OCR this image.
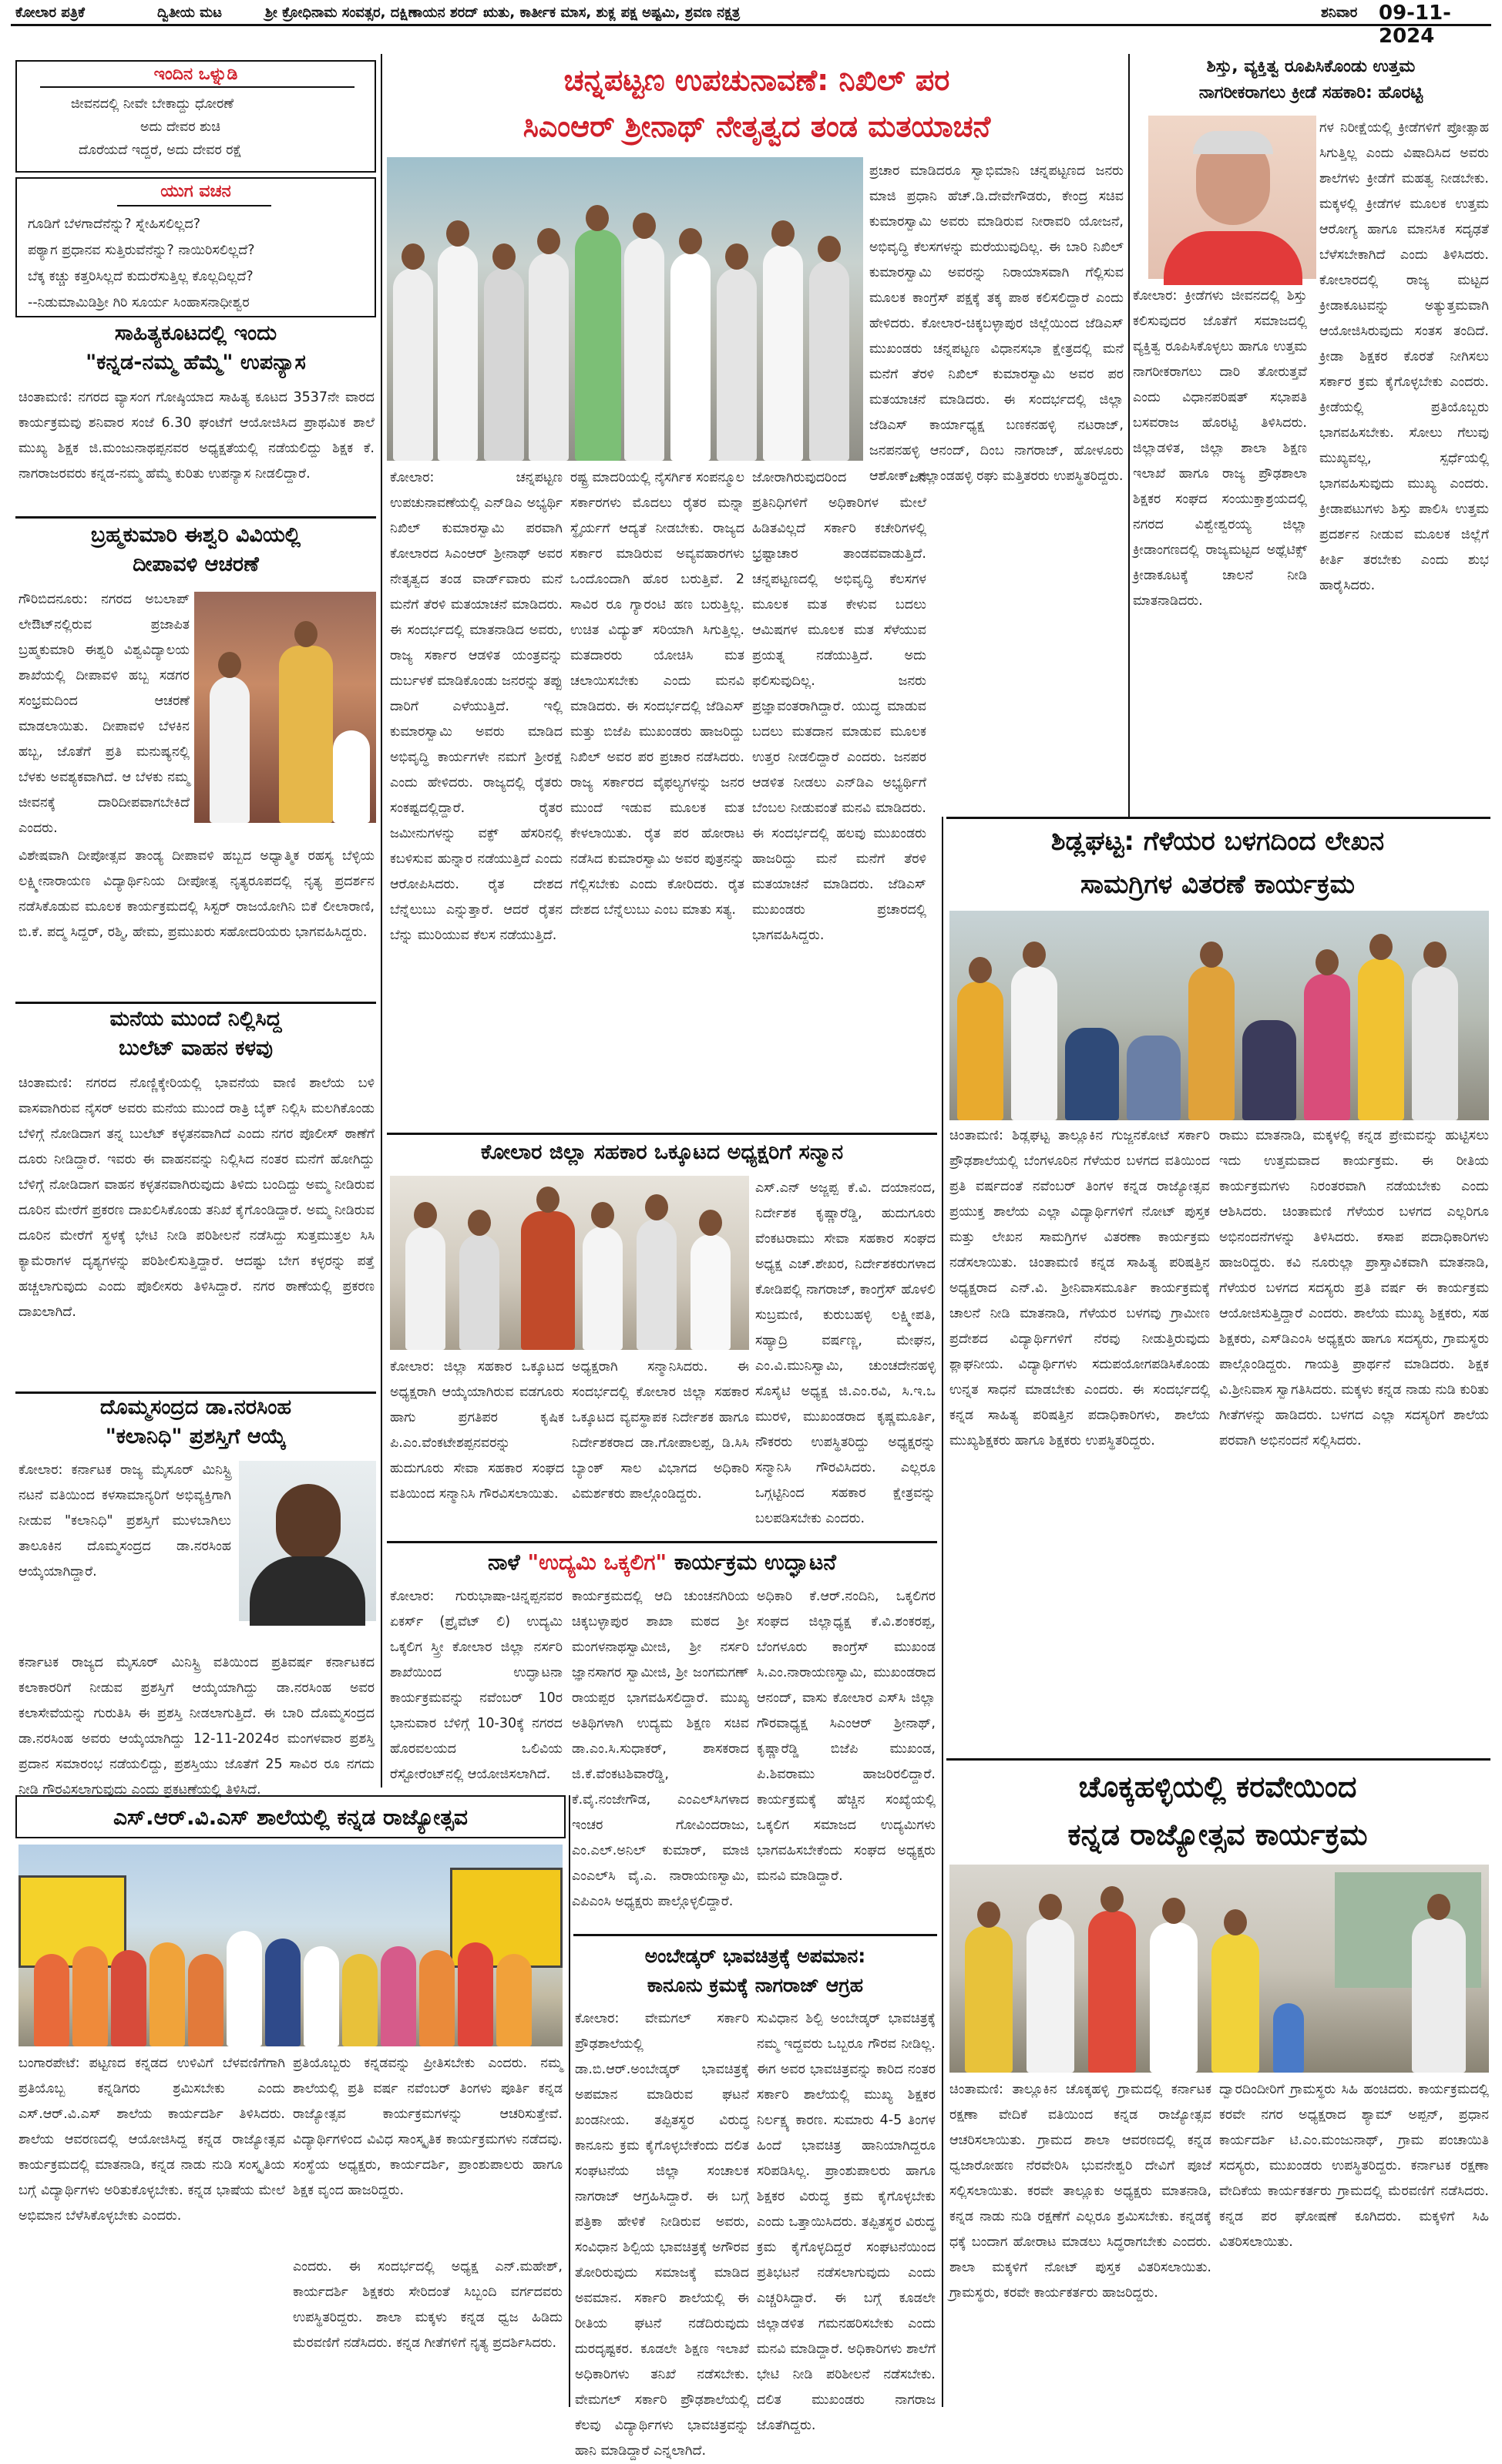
ಕೋಲಾರ ಪತ್ರಿಕೆ	ದ್ವಿತೀಯ ಮಟ	ಶ್ರೀ ಕ್ರೋಧಿನಾಮ ಸಂವತ್ಸರ, ದಕ್ಷಿಣಾಯನ ಶರದ್ ಋತು, ಕಾರ್ತೀಕ ಮಾಸ, ಶುಕ್ಲ ಪಕ್ಷ ಅಷ್ಟಮಿ, ಶ್ರವಣ ನಕ್ಷತ್ರ	ಶನಿವಾರ 09-11-2024
ಇಂದಿನ ಒಳ್ನುಡಿ
ಜೀವನದಲ್ಲಿ ನೀವೇ ಬೇಕಾದ್ದು ಧೋರಣೆ
ಅದು ದೇವರ ಶುಚಿ
ದೊರೆಯದೆ ಇದ್ದರೆ, ಅದು ದೇವರ ರಕ್ಷೆ
ಯುಗ ವಚನ
ಗೂಡಿಗೆ ಬೆಳಗಾದೆನೆನ್ನು? ಸ್ನೇಹಿಸಲಿಲ್ಲದ?
ಪಠ್ಯಾಗ ಪ್ರಧಾನವ ಸುತ್ತಿರುವೆನೆನ್ನು? ನಾಯಿರಿಸಲಿಲ್ಲದೆ?
ಬೆಕ್ಕ ಕಚ್ಚು ಕತ್ತರಿಸಿಲ್ಲದೆ ಕುದುರೆಸುತ್ತಿಲ್ಲ ಕೊಲ್ಲದಿಲ್ಲದೆ?
--ನಿಡುಮಾಮಿಡಿಶ್ರೀ ಗಿರಿ ಸೂರ್ಯ ಸಿಂಹಾಸನಾಧೀಶ್ವರ
ಸಾಹಿತ್ಯಕೂಟದಲ್ಲಿ ಇಂದು
"ಕನ್ನಡ-ನಮ್ಮ ಹೆಮ್ಮೆ" ಉಪನ್ಯಾಸ
ಚಿಂತಾಮಣಿ: ನಗರದ ವ್ಯಾಸಂಗ ಗೋಷ್ಠಿಯಾದ ಸಾಹಿತ್ಯ ಕೂಟದ 3537ನೇ ವಾರದ ಕಾರ್ಯಕ್ರಮವು ಶನಿವಾರ ಸಂಜೆ 6.30 ಘಂಟೆಗೆ ಆಯೋಜಿಸಿದ ಪ್ರಾಥಮಿಕ ಶಾಲೆ ಮುಖ್ಯ ಶಿಕ್ಷಕ ಜಿ.ಮಂಜುನಾಥಪ್ಪನವರ ಅಧ್ಯಕ್ಷತೆಯಲ್ಲಿ ನಡೆಯಲಿದ್ದು ಶಿಕ್ಷಕ ಕೆ. ನಾಗರಾಜರವರು ಕನ್ನಡ-ನಮ್ಮ ಹೆಮ್ಮೆ ಕುರಿತು ಉಪನ್ಯಾಸ ನೀಡಲಿದ್ದಾರೆ.
ಬ್ರಹ್ಮಕುಮಾರಿ ಈಶ್ವರಿ ವಿವಿಯಲ್ಲಿ
ದೀಪಾವಳಿ ಆಚರಣೆ
ಗೌರಿಬಿದನೂರು: ನಗರದ ಅಬಲಾಪ್ ಲೇಔಟ್‌ನಲ್ಲಿರುವ ಪ್ರಜಾಪಿತ ಬ್ರಹ್ಮಕುಮಾರಿ ಈಶ್ವರಿ ವಿಶ್ವವಿದ್ಯಾಲಯ ಶಾಖೆಯಲ್ಲಿ ದೀಪಾವಳಿ ಹಬ್ಬ ಸಡಗರ ಸಂಭ್ರಮದಿಂದ ಆಚರಣೆ ಮಾಡಲಾಯಿತು. ದೀಪಾವಳಿ ಬೆಳಕಿನ ಹಬ್ಬ, ಜೊತೆಗೆ ಪ್ರತಿ ಮನುಷ್ಯನಲ್ಲಿ ಬೆಳಕು ಅವಶ್ಯಕವಾಗಿದೆ. ಆ ಬೆಳಕು ನಮ್ಮ ಜೀವನಕ್ಕೆ ದಾರಿದೀಪವಾಗಬೇಕಿದೆ ಎಂದರು.
ವಿಶೇಷವಾಗಿ ದೀಪೋತ್ಸವ ತಾಂಡ್ಯ ದೀಪಾವಳಿ ಹಬ್ಬದ ಅಧ್ಯಾತ್ಮಿಕ ರಹಸ್ಯ ಬೆಳ್ಳಿಯ ಲಕ್ಷ್ಮೀನಾರಾಯಣ ವಿದ್ಯಾರ್ಥಿನಿಯ ದೀಪೋತ್ಸ ನೃತ್ಯರೂಪದಲ್ಲಿ ನೃತ್ಯ ಪ್ರದರ್ಶನ ನಡೆಸಿಕೊಡುವ ಮೂಲಕ ಕಾರ್ಯಕ್ರಮದಲ್ಲಿ ಸಿಸ್ಟರ್ ರಾಜಯೋಗಿನಿ ಬಿಕೆ ಲೀಲಾರಾಣಿ, ಬಿ.ಕೆ. ಪದ್ಮ ಸಿದ್ದರ್, ರಶ್ಮಿ, ಹೇಮ, ಪ್ರಮುಖರು ಸಹೋದರಿಯರು ಭಾಗವಹಿಸಿದ್ದರು.
ಮನೆಯ ಮುಂದೆ ನಿಲ್ಲಿಸಿದ್ದ
ಬುಲೆಟ್ ವಾಹನ ಕಳವು
ಚಿಂತಾಮಣಿ: ನಗರದ ನೊಣ್ಣಿಕ್ಕೇರಿಯಲ್ಲಿ ಭಾವನೆಯ ವಾಣಿ ಶಾಲೆಯ ಬಳಿ ವಾಸವಾಗಿರುವ ನೈಸರ್ ಅವರು ಮನೆಯ ಮುಂದೆ ರಾತ್ರಿ ಬೈಕ್ ನಿಲ್ಲಿಸಿ ಮಲಗಿಕೊಂಡು ಬೆಳಿಗ್ಗೆ ನೋಡಿದಾಗ ತನ್ನ ಬುಲೆಟ್ ಕಳ್ಳತನವಾಗಿದೆ ಎಂದು ನಗರ ಪೊಲೀಸ್ ಠಾಣೆಗೆ ದೂರು ನೀಡಿದ್ದಾರೆ. ಇವರು ಈ ವಾಹನವನ್ನು ನಿಲ್ಲಿಸಿದ ನಂತರ ಮನೆಗೆ ಹೋಗಿದ್ದು ಬೆಳಿಗ್ಗೆ ನೋಡಿದಾಗ ವಾಹನ ಕಳ್ಳತನವಾಗಿರುವುದು ತಿಳಿದು ಬಂದಿದ್ದು ಅಮ್ಮ ನೀಡಿರುವ ದೂರಿನ ಮೇರೆಗೆ ಪ್ರಕರಣ ದಾಖಲಿಸಿಕೊಂಡು ತನಿಖೆ ಕೈಗೊಂಡಿದ್ದಾರೆ. ಅಮ್ಮ ನೀಡಿರುವ ದೂರಿನ ಮೇರೆಗೆ ಸ್ಥಳಕ್ಕೆ ಭೇಟಿ ನೀಡಿ ಪರಿಶೀಲನೆ ನಡೆಸಿದ್ದು ಸುತ್ತಮುತ್ತಲ ಸಿಸಿ ಕ್ಯಾಮೆರಾಗಳ ದೃಶ್ಯಗಳನ್ನು ಪರಿಶೀಲಿಸುತ್ತಿದ್ದಾರೆ. ಆದಷ್ಟು ಬೇಗ ಕಳ್ಳರನ್ನು ಪತ್ತೆ ಹಚ್ಚಲಾಗುವುದು ಎಂದು ಪೊಲೀಸರು ತಿಳಿಸಿದ್ದಾರೆ. ನಗರ ಠಾಣೆಯಲ್ಲಿ ಪ್ರಕರಣ ದಾಖಲಾಗಿದೆ.
ದೊಮ್ಮಸಂದ್ರದ ಡಾ.ನರಸಿಂಹ
"ಕಲಾನಿಧಿ" ಪ್ರಶಸ್ತಿಗೆ ಆಯ್ಕೆ
ಕೋಲಾರ: ಕರ್ನಾಟಕ ರಾಜ್ಯ ಮೈಸೂರ್ ಮಿನಿಸ್ಟ್ರಿ ನಟನೆ ವತಿಯಿಂದ ಕಳಸಾಮಾನ್ಯರಿಗೆ ಅಭಿವ್ಯಕ್ತಿಗಾಗಿ ನೀಡುವ "ಕಲಾನಿಧಿ" ಪ್ರಶಸ್ತಿಗೆ ಮುಳಬಾಗಿಲು ತಾಲೂಕಿನ ದೊಮ್ಮಸಂದ್ರದ ಡಾ.ನರಸಿಂಹ ಆಯ್ಕೆಯಾಗಿದ್ದಾರೆ.
ಕರ್ನಾಟಕ ರಾಜ್ಯದ ಮೈಸೂರ್ ಮಿನಿಸ್ಟ್ರಿ ವತಿಯಿಂದ ಪ್ರತಿವರ್ಷ ಕರ್ನಾಟಕದ ಕಲಾಕಾರರಿಗೆ ನೀಡುವ ಪ್ರಶಸ್ತಿಗೆ ಆಯ್ಕೆಯಾಗಿದ್ದು ಡಾ.ನರಸಿಂಹ ಅವರ ಕಲಾಸೇವೆಯನ್ನು ಗುರುತಿಸಿ ಈ ಪ್ರಶಸ್ತಿ ನೀಡಲಾಗುತ್ತಿದೆ. ಈ ಬಾರಿ ದೊಮ್ಮಸಂದ್ರದ ಡಾ.ನರಸಿಂಹ ಅವರು ಆಯ್ಕೆಯಾಗಿದ್ದು 12-11-2024ರ ಮಂಗಳವಾರ ಪ್ರಶಸ್ತಿ ಪ್ರದಾನ ಸಮಾರಂಭ ನಡೆಯಲಿದ್ದು, ಪ್ರಶಸ್ತಿಯು ಜೊತೆಗೆ 25 ಸಾವಿರ ರೂ ನಗದು ನೀಡಿ ಗೌರವಿಸಲಾಗುವುದು ಎಂದು ಪ್ರಕಟಣೆಯಲ್ಲಿ ತಿಳಿಸಿದೆ.
ಚನ್ನಪಟ್ಟಣ ಉಪಚುನಾವಣೆ: ನಿಖಿಲ್ ಪರ
ಸಿಎಂಆರ್ ಶ್ರೀನಾಥ್ ನೇತೃತ್ವದ ತಂಡ ಮತಯಾಚನೆ
ಕೋಲಾರ: ಚನ್ನಪಟ್ಟಣ ಉಪಚುನಾವಣೆಯಲ್ಲಿ ಎನ್‌ಡಿಎ ಅಭ್ಯರ್ಥಿ ನಿಖಿಲ್ ಕುಮಾರಸ್ವಾಮಿ ಪರವಾಗಿ ಕೋಲಾರದ ಸಿಎಂಆರ್ ಶ್ರೀನಾಥ್ ಅವರ ನೇತೃತ್ವದ ತಂಡ ವಾರ್ಡ್‌ವಾರು ಮನೆ ಮನೆಗೆ ತೆರಳಿ ಮತಯಾಚನೆ ಮಾಡಿದರು. ಈ ಸಂದರ್ಭದಲ್ಲಿ ಮಾತನಾಡಿದ ಅವರು, ರಾಜ್ಯ ಸರ್ಕಾರ ಆಡಳಿತ ಯಂತ್ರವನ್ನು ದುರ್ಬಳಕೆ ಮಾಡಿಕೊಂಡು ಜನರನ್ನು ತಪ್ಪು ದಾರಿಗೆ ಎಳೆಯುತ್ತಿದೆ. ಇಲ್ಲಿ ಕುಮಾರಸ್ವಾಮಿ ಅವರು ಮಾಡಿದ ಅಭಿವೃದ್ಧಿ ಕಾರ್ಯಗಳೇ ನಮಗೆ ಶ್ರೀರಕ್ಷೆ ಎಂದು ಹೇಳಿದರು. ರಾಜ್ಯದಲ್ಲಿ ರೈತರು ಸಂಕಷ್ಟದಲ್ಲಿದ್ದಾರೆ. ರೈತರ ಜಮೀನುಗಳನ್ನು ವಕ್ಫ್ ಹೆಸರಿನಲ್ಲಿ ಕಬಳಿಸುವ ಹುನ್ನಾರ ನಡೆಯುತ್ತಿದೆ ಎಂದು ಆರೋಪಿಸಿದರು. ರೈತ ದೇಶದ ಬೆನ್ನೆಲುಬು ಎನ್ನುತ್ತಾರೆ. ಆದರೆ ರೈತನ ಬೆನ್ನು ಮುರಿಯುವ ಕೆಲಸ ನಡೆಯುತ್ತಿದೆ.
ರಷ್ಟ್ರ ಮಾದರಿಯಲ್ಲಿ ನೈಸರ್ಗಿಕ ಸಂಪನ್ಮೂಲ ಸರ್ಕಾರಗಳು ಮೊದಲು ರೈತರ ಮನ್ನಾ ಸ್ಥೈರ್ಯಗೆ ಆದ್ಯತೆ ನೀಡಬೇಕು. ರಾಜ್ಯದ ಸರ್ಕಾರ ಮಾಡಿರುವ ಅವ್ಯವಹಾರಗಳು ಒಂದೊಂದಾಗಿ ಹೊರ ಬರುತ್ತಿವೆ. 2 ಸಾವಿರ ರೂ ಗ್ಯಾರಂಟಿ ಹಣ ಬರುತ್ತಿಲ್ಲ. ಉಚಿತ ವಿದ್ಯುತ್ ಸರಿಯಾಗಿ ಸಿಗುತ್ತಿಲ್ಲ. ಮತದಾರರು ಯೋಚಿಸಿ ಮತ ಚಲಾಯಿಸಬೇಕು ಎಂದು ಮನವಿ ಮಾಡಿದರು. ಈ ಸಂದರ್ಭದಲ್ಲಿ ಜೆಡಿಎಸ್ ಮತ್ತು ಬಿಜೆಪಿ ಮುಖಂಡರು ಹಾಜರಿದ್ದು ನಿಖಿಲ್ ಅವರ ಪರ ಪ್ರಚಾರ ನಡೆಸಿದರು. ರಾಜ್ಯ ಸರ್ಕಾರದ ವೈಫಲ್ಯಗಳನ್ನು ಜನರ ಮುಂದೆ ಇಡುವ ಮೂಲಕ ಮತ ಕೇಳಲಾಯಿತು. ರೈತ ಪರ ಹೋರಾಟ ನಡೆಸಿದ ಕುಮಾರಸ್ವಾಮಿ ಅವರ ಪುತ್ರನನ್ನು ಗೆಲ್ಲಿಸಬೇಕು ಎಂದು ಕೋರಿದರು. ರೈತ ದೇಶದ ಬೆನ್ನೆಲುಬು ಎಂಬ ಮಾತು ಸತ್ಯ.
ಜೋರಾಗಿರುವುದರಿಂದ ಜನ ಪ್ರತಿನಿಧಿಗಳಿಗೆ ಅಧಿಕಾರಿಗಳ ಮೇಲೆ ಹಿಡಿತವಿಲ್ಲದೆ ಸರ್ಕಾರಿ ಕಚೇರಿಗಳಲ್ಲಿ ಭ್ರಷ್ಟಾಚಾರ ತಾಂಡವವಾಡುತ್ತಿದೆ. ಚನ್ನಪಟ್ಟಣದಲ್ಲಿ ಅಭಿವೃದ್ಧಿ ಕೆಲಸಗಳ ಮೂಲಕ ಮತ ಕೇಳುವ ಬದಲು ಆಮಿಷಗಳ ಮೂಲಕ ಮತ ಸೆಳೆಯುವ ಪ್ರಯತ್ನ ನಡೆಯುತ್ತಿದೆ. ಅದು ಫಲಿಸುವುದಿಲ್ಲ. ಜನರು ಪ್ರಜ್ಞಾವಂತರಾಗಿದ್ದಾರೆ. ಯುದ್ಧ ಮಾಡುವ ಬದಲು ಮತದಾನ ಮಾಡುವ ಮೂಲಕ ಉತ್ತರ ನೀಡಲಿದ್ದಾರೆ ಎಂದರು. ಜನಪರ ಆಡಳಿತ ನೀಡಲು ಎನ್‌ಡಿಎ ಅಭ್ಯರ್ಥಿಗೆ ಬೆಂಬಲ ನೀಡುವಂತೆ ಮನವಿ ಮಾಡಿದರು. ಈ ಸಂದರ್ಭದಲ್ಲಿ ಹಲವು ಮುಖಂಡರು ಹಾಜರಿದ್ದು ಮನೆ ಮನೆಗೆ ತೆರಳಿ ಮತಯಾಚನೆ ಮಾಡಿದರು. ಜೆಡಿಎಸ್ ಮುಖಂಡರು ಪ್ರಚಾರದಲ್ಲಿ ಭಾಗವಹಿಸಿದ್ದರು.
ಪ್ರಚಾರ ಮಾಡಿದರೂ ಸ್ವಾಭಿಮಾನಿ ಚನ್ನಪಟ್ಟಣದ ಜನರು ಮಾಜಿ ಪ್ರಧಾನಿ ಹೆಚ್.ಡಿ.ದೇವೇಗೌಡರು, ಕೇಂದ್ರ ಸಚಿವ ಕುಮಾರಸ್ವಾಮಿ ಅವರು ಮಾಡಿರುವ ನೀರಾವರಿ ಯೋಜನೆ, ಅಭಿವೃದ್ಧಿ ಕೆಲಸಗಳನ್ನು ಮರೆಯುವುದಿಲ್ಲ. ಈ ಬಾರಿ ನಿಖಿಲ್ ಕುಮಾರಸ್ವಾಮಿ ಅವರನ್ನು ನಿರಾಯಾಸವಾಗಿ ಗೆಲ್ಲಿಸುವ ಮೂಲಕ ಕಾಂಗ್ರೆಸ್ ಪಕ್ಷಕ್ಕೆ ತಕ್ಕ ಪಾಠ ಕಲಿಸಲಿದ್ದಾರೆ ಎಂದು ಹೇಳಿದರು. ಕೋಲಾರ-ಚಿಕ್ಕಬಳ್ಳಾಪುರ ಜಿಲ್ಲೆಯಿಂದ ಜೆಡಿಎಸ್ ಮುಖಂಡರು ಚನ್ನಪಟ್ಟಣ ವಿಧಾನಸಭಾ ಕ್ಷೇತ್ರದಲ್ಲಿ ಮನೆ ಮನೆಗೆ ತೆರಳಿ ನಿಖಿಲ್ ಕುಮಾರಸ್ವಾಮಿ ಅವರ ಪರ ಮತಯಾಚನೆ ಮಾಡಿದರು. ಈ ಸಂದರ್ಭದಲ್ಲಿ ಜಿಲ್ಲಾ ಜೆಡಿಎಸ್ ಕಾರ್ಯಾಧ್ಯಕ್ಷ ಬಣಕನಹಳ್ಳಿ ನಟರಾಜ್, ಜನಪನಹಳ್ಳಿ ಆನಂದ್, ದಿಂಬ ನಾಗರಾಜ್, ಹೋಳೂರು ಆಶೋಕ್, ನಲ್ಲಾಂಡಹಳ್ಳಿ ರಘು ಮತ್ತಿತರರು ಉಪಸ್ಥಿತರಿದ್ದರು.
ಶಿಸ್ತು, ವ್ಯಕ್ತಿತ್ವ ರೂಪಿಸಿಕೊಂಡು ಉತ್ತಮ
ನಾಗರೀಕರಾಗಲು ಕ್ರೀಡೆ ಸಹಕಾರಿ: ಹೊರಟ್ಟಿ
ಕೋಲಾರ: ಕ್ರೀಡೆಗಳು ಜೀವನದಲ್ಲಿ ಶಿಸ್ತು ಕಲಿಸುವುದರ ಜೊತೆಗೆ ಸಮಾಜದಲ್ಲಿ ವ್ಯಕ್ತಿತ್ವ ರೂಪಿಸಿಕೊಳ್ಳಲು ಹಾಗೂ ಉತ್ತಮ ನಾಗರೀಕರಾಗಲು ದಾರಿ ತೋರುತ್ತವೆ ಎಂದು ವಿಧಾನಪರಿಷತ್ ಸಭಾಪತಿ ಬಸವರಾಜ ಹೊರಟ್ಟಿ ತಿಳಿಸಿದರು. ಜಿಲ್ಲಾಡಳಿತ, ಜಿಲ್ಲಾ ಶಾಲಾ ಶಿಕ್ಷಣ ಇಲಾಖೆ ಹಾಗೂ ರಾಜ್ಯ ಪ್ರೌಢಶಾಲಾ ಶಿಕ್ಷಕರ ಸಂಘದ ಸಂಯುಕ್ತಾಶ್ರಯದಲ್ಲಿ ನಗರದ ವಿಶ್ವೇಶ್ವರಯ್ಯ ಜಿಲ್ಲಾ ಕ್ರೀಡಾಂಗಣದಲ್ಲಿ ರಾಜ್ಯಮಟ್ಟದ ಅಥ್ಲೆಟಿಕ್ಸ್ ಕ್ರೀಡಾಕೂಟಕ್ಕೆ ಚಾಲನೆ ನೀಡಿ ಮಾತನಾಡಿದರು.
ಗಳ ನಿರೀಕ್ಷೆಯಲ್ಲಿ ಕ್ರೀಡೆಗಳಿಗೆ ಪ್ರೋತ್ಸಾಹ ಸಿಗುತ್ತಿಲ್ಲ ಎಂದು ವಿಷಾದಿಸಿದ ಅವರು ಶಾಲೆಗಳು ಕ್ರೀಡೆಗೆ ಮಹತ್ವ ನೀಡಬೇಕು. ಮಕ್ಕಳಲ್ಲಿ ಕ್ರೀಡೆಗಳ ಮೂಲಕ ಉತ್ತಮ ಆರೋಗ್ಯ ಹಾಗೂ ಮಾನಸಿಕ ಸದೃಢತೆ ಬೆಳೆಸಬೇಕಾಗಿದೆ ಎಂದು ತಿಳಿಸಿದರು. ಕೋಲಾರದಲ್ಲಿ ರಾಜ್ಯ ಮಟ್ಟದ ಕ್ರೀಡಾಕೂಟವನ್ನು ಅತ್ಯುತ್ತಮವಾಗಿ ಆಯೋಜಿಸಿರುವುದು ಸಂತಸ ತಂದಿದೆ. ಕ್ರೀಡಾ ಶಿಕ್ಷಕರ ಕೊರತೆ ನೀಗಿಸಲು ಸರ್ಕಾರ ಕ್ರಮ ಕೈಗೊಳ್ಳಬೇಕು ಎಂದರು. ಕ್ರೀಡೆಯಲ್ಲಿ ಪ್ರತಿಯೊಬ್ಬರು ಭಾಗವಹಿಸಬೇಕು. ಸೋಲು ಗೆಲುವು ಮುಖ್ಯವಲ್ಲ, ಸ್ಪರ್ಧೆಯಲ್ಲಿ ಭಾಗವಹಿಸುವುದು ಮುಖ್ಯ ಎಂದರು. ಕ್ರೀಡಾಪಟುಗಳು ಶಿಸ್ತು ಪಾಲಿಸಿ ಉತ್ತಮ ಪ್ರದರ್ಶನ ನೀಡುವ ಮೂಲಕ ಜಿಲ್ಲೆಗೆ ಕೀರ್ತಿ ತರಬೇಕು ಎಂದು ಶುಭ ಹಾರೈಸಿದರು.
ಶಿಡ್ಲಘಟ್ಟ: ಗೆಳೆಯರ ಬಳಗದಿಂದ ಲೇಖನ
ಸಾಮಗ್ರಿಗಳ ವಿತರಣೆ ಕಾರ್ಯಕ್ರಮ
ಚಿಂತಾಮಣಿ: ಶಿಡ್ಲಘಟ್ಟ ತಾಲ್ಲೂಕಿನ ಗುಜ್ಜನಕೋಟೆ ಸರ್ಕಾರಿ ಪ್ರೌಢಶಾಲೆಯಲ್ಲಿ ಬೆಂಗಳೂರಿನ ಗೆಳೆಯರ ಬಳಗದ ವತಿಯಿಂದ ಪ್ರತಿ ವರ್ಷದಂತೆ ನವೆಂಬರ್ ತಿಂಗಳ ಕನ್ನಡ ರಾಜ್ಯೋತ್ಸವ ಪ್ರಯುಕ್ತ ಶಾಲೆಯ ಎಲ್ಲಾ ವಿದ್ಯಾರ್ಥಿಗಳಿಗೆ ನೋಟ್ ಪುಸ್ತಕ ಮತ್ತು ಲೇಖನ ಸಾಮಗ್ರಿಗಳ ವಿತರಣಾ ಕಾರ್ಯಕ್ರಮ ನಡೆಸಲಾಯಿತು. ಚಿಂತಾಮಣಿ ಕನ್ನಡ ಸಾಹಿತ್ಯ ಪರಿಷತ್ತಿನ ಅಧ್ಯಕ್ಷರಾದ ಎನ್.ವಿ. ಶ್ರೀನಿವಾಸಮೂರ್ತಿ ಕಾರ್ಯಕ್ರಮಕ್ಕೆ ಚಾಲನೆ ನೀಡಿ ಮಾತನಾಡಿ, ಗೆಳೆಯರ ಬಳಗವು ಗ್ರಾಮೀಣ ಪ್ರದೇಶದ ವಿದ್ಯಾರ್ಥಿಗಳಿಗೆ ನೆರವು ನೀಡುತ್ತಿರುವುದು ಶ್ಲಾಘನೀಯ. ವಿದ್ಯಾರ್ಥಿಗಳು ಸದುಪಯೋಗಪಡಿಸಿಕೊಂಡು ಉನ್ನತ ಸಾಧನೆ ಮಾಡಬೇಕು ಎಂದರು. ಈ ಸಂದರ್ಭದಲ್ಲಿ ಕನ್ನಡ ಸಾಹಿತ್ಯ ಪರಿಷತ್ತಿನ ಪದಾಧಿಕಾರಿಗಳು, ಶಾಲೆಯ ಮುಖ್ಯಶಿಕ್ಷಕರು ಹಾಗೂ ಶಿಕ್ಷಕರು ಉಪಸ್ಥಿತರಿದ್ದರು.
ರಾಮು ಮಾತನಾಡಿ, ಮಕ್ಕಳಲ್ಲಿ ಕನ್ನಡ ಪ್ರೇಮವನ್ನು ಹುಟ್ಟಿಸಲು ಇದು ಉತ್ತಮವಾದ ಕಾರ್ಯಕ್ರಮ. ಈ ರೀತಿಯ ಕಾರ್ಯಕ್ರಮಗಳು ನಿರಂತರವಾಗಿ ನಡೆಯಬೇಕು ಎಂದು ಆಶಿಸಿದರು. ಚಿಂತಾಮಣಿ ಗೆಳೆಯರ ಬಳಗದ ಎಲ್ಲರಿಗೂ ಅಭಿನಂದನೆಗಳನ್ನು ತಿಳಿಸಿದರು. ಕಸಾಪ ಪದಾಧಿಕಾರಿಗಳು ಹಾಜರಿದ್ದರು. ಕವಿ ನೂರುಲ್ಲಾ ಪ್ರಾಸ್ತಾವಿಕವಾಗಿ ಮಾತನಾಡಿ, ಗೆಳೆಯರ ಬಳಗದ ಸದಸ್ಯರು ಪ್ರತಿ ವರ್ಷ ಈ ಕಾರ್ಯಕ್ರಮ ಆಯೋಜಿಸುತ್ತಿದ್ದಾರೆ ಎಂದರು. ಶಾಲೆಯ ಮುಖ್ಯ ಶಿಕ್ಷಕರು, ಸಹ ಶಿಕ್ಷಕರು, ಎಸ್‌ಡಿಎಂಸಿ ಅಧ್ಯಕ್ಷರು ಹಾಗೂ ಸದಸ್ಯರು, ಗ್ರಾಮಸ್ಥರು ಪಾಲ್ಗೊಂಡಿದ್ದರು. ಗಾಯತ್ರಿ ಪ್ರಾರ್ಥನೆ ಮಾಡಿದರು. ಶಿಕ್ಷಕ ವಿ.ಶ್ರೀನಿವಾಸ ಸ್ವಾಗತಿಸಿದರು. ಮಕ್ಕಳು ಕನ್ನಡ ನಾಡು ನುಡಿ ಕುರಿತು ಗೀತೆಗಳನ್ನು ಹಾಡಿದರು. ಬಳಗದ ಎಲ್ಲಾ ಸದಸ್ಯರಿಗೆ ಶಾಲೆಯ ಪರವಾಗಿ ಅಭಿನಂದನೆ ಸಲ್ಲಿಸಿದರು.
ಕೋಲಾರ ಜಿಲ್ಲಾ ಸಹಕಾರ ಒಕ್ಕೂಟದ ಅಧ್ಯಕ್ಷರಿಗೆ ಸನ್ಮಾನ
ಎಸ್.ಎನ್ ಅಜ್ಜಪ್ಪ ಕೆ.ವಿ. ದಯಾನಂದ, ನಿರ್ದೇಶಕ ಕೃಷ್ಣಾರೆಡ್ಡಿ, ಹುದುಗೂರು ವೆಂಕಟರಾಮು ಸೇವಾ ಸಹಕಾರ ಸಂಘದ ಅಧ್ಯಕ್ಷ ಎಚ್.ಶೇಖರ, ನಿರ್ದೇಶಕರುಗಳಾದ ಕೋಡಿಪಲ್ಲಿ ನಾಗರಾಜ್, ಕಾಂಗ್ರೆಸ್ ಹೊಳಲಿ ಸುಬ್ರಮಣಿ, ಕುರುಬಹಳ್ಳಿ ಲಕ್ಷ್ಮೀಪತಿ, ಸಹ್ಯಾದ್ರಿ ವರ್ಷಣ್ಣ, ಮೇಘನ, ಎಂ.ವಿ.ಮುನಿಸ್ವಾಮಿ, ಚುಂಚದೇನಹಳ್ಳಿ ಸೊಸೈಟಿ ಅಧ್ಯಕ್ಷ ಜಿ.ಎಂ.ರವಿ, ಸಿ.ಇ.ಒ ಮುರಳಿ, ಮುಖಂಡರಾದ ಕೃಷ್ಣಮೂರ್ತಿ, ನೌಕರರು ಉಪಸ್ಥಿತರಿದ್ದು ಅಧ್ಯಕ್ಷರನ್ನು ಸನ್ಮಾನಿಸಿ ಗೌರವಿಸಿದರು. ಎಲ್ಲರೂ ಒಗ್ಗಟ್ಟಿನಿಂದ ಸಹಕಾರ ಕ್ಷೇತ್ರವನ್ನು ಬಲಪಡಿಸಬೇಕು ಎಂದರು.
ಕೋಲಾರ: ಜಿಲ್ಲಾ ಸಹಕಾರ ಒಕ್ಕೂಟದ ಅಧ್ಯಕ್ಷರಾಗಿ ಆಯ್ಕೆಯಾಗಿರುವ ವಡಗೂರು ಹಾಗು ಪ್ರಗತಿಪರ ಕೃಷಿಕ ಪಿ.ಎಂ.ವೆಂಕಟೇಶಪ್ಪನವರನ್ನು ಹುದುಗೂರು ಸೇವಾ ಸಹಕಾರ ಸಂಘದ ವತಿಯಿಂದ ಸನ್ಮಾನಿಸಿ ಗೌರವಿಸಲಾಯಿತು.
ಅಧ್ಯಕ್ಷರಾಗಿ ಸನ್ಮಾನಿಸಿದರು. ಈ ಸಂದರ್ಭದಲ್ಲಿ ಕೋಲಾರ ಜಿಲ್ಲಾ ಸಹಕಾರ ಒಕ್ಕೂಟದ ವ್ಯವಸ್ಥಾಪಕ ನಿರ್ದೇಶಕ ಹಾಗೂ ನಿರ್ದೇಶಕರಾದ ಡಾ.ಗೋಪಾಲಪ್ಪ, ಡಿ.ಸಿಸಿ ಬ್ಯಾಂಕ್ ಸಾಲ ವಿಭಾಗದ ಅಧಿಕಾರಿ ವಿಮರ್ಶಕರು ಪಾಲ್ಗೊಂಡಿದ್ದರು.
ನಾಳೆ "ಉದ್ಯಮಿ ಒಕ್ಕಲಿಗ" ಕಾರ್ಯಕ್ರಮ ಉದ್ಘಾಟನೆ
ಕೋಲಾರ: ಗುರುಭಾಷಾ-ಚಿನ್ನಪ್ಪನವರ ಏಕರ್ಸ್ (ಪ್ರೈವೆಟ್ ಲಿ) ಉದ್ಯಮಿ ಒಕ್ಕಲಿಗ ಸ್ತ್ರೀ ಕೋಲಾರ ಜಿಲ್ಲಾ ನರ್ಸರಿ ಶಾಖೆಯಿಂದ ಉದ್ಘಾಟನಾ ಕಾರ್ಯಕ್ರಮವನ್ನು ನವೆಂಬರ್ 10ರ ಭಾನುವಾರ ಬೆಳಿಗ್ಗೆ 10-30ಕ್ಕೆ ನಗರದ ಹೊರವಲಯದ ಒಲಿವಿಯ ರೆಸ್ಟೋರೆಂಟ್‌ನಲ್ಲಿ ಆಯೋಜಿಸಲಾಗಿದೆ.
ಕಾರ್ಯಕ್ರಮದಲ್ಲಿ ಆದಿ ಚುಂಚನಗಿರಿಯ ಚಿಕ್ಕಬಳ್ಳಾಪುರ ಶಾಖಾ ಮಠದ ಶ್ರೀ ಮಂಗಳನಾಥಸ್ವಾಮೀಜಿ, ಶ್ರೀ ನರ್ಸರಿ ಜ್ಞಾನಸಾಗರ ಸ್ವಾಮೀಜಿ, ಶ್ರೀ ಜಂಗಮಗಣ್ ರಾಯಪ್ಪರ ಭಾಗವಹಿಸಲಿದ್ದಾರೆ. ಮುಖ್ಯ ಅತಿಥಿಗಳಾಗಿ ಉದ್ಯಮ ಶಿಕ್ಷಣ ಸಚಿವ ಡಾ.ಎಂ.ಸಿ.ಸುಧಾಕರ್, ಶಾಸಕರಾದ ಜಿ.ಕೆ.ವೆಂಕಟಶಿವಾರೆಡ್ಡಿ, ಕೆ.ವೈ.ನಂಜೇಗೌಡ, ಎಂಎಲ್‌ಸಿಗಳಾದ ಇಂಚರ ಗೋವಿಂದರಾಜು, ಎಂ.ಎಲ್.ಅನಿಲ್ ಕುಮಾರ್, ಮಾಜಿ ಎಂಎಲ್‌ಸಿ ವೈ.ಎ. ನಾರಾಯಣಸ್ವಾಮಿ, ಎಪಿಎಂಸಿ ಅಧ್ಯಕ್ಷರು ಪಾಲ್ಗೊಳ್ಳಲಿದ್ದಾರೆ.
ಅಧಿಕಾರಿ ಕೆ.ಆರ್.ನಂದಿನಿ, ಒಕ್ಕಲಿಗರ ಸಂಘದ ಜಿಲ್ಲಾಧ್ಯಕ್ಷ ಕೆ.ವಿ.ಶಂಕರಪ್ಪ, ಬೆಂಗಳೂರು ಕಾಂಗ್ರೆಸ್ ಮುಖಂಡ ಸಿ.ಎಂ.ನಾರಾಯಣಸ್ವಾಮಿ, ಮುಖಂಡರಾದ ಆನಂದ್, ವಾಸು ಕೋಲಾರ ಎಸ್‌ಸಿ ಜಿಲ್ಲಾ ಗೌರವಾಧ್ಯಕ್ಷ ಸಿಎಂಆರ್ ಶ್ರೀನಾಥ್, ಕೃಷ್ಣಾರೆಡ್ಡಿ ಬಿಜೆಪಿ ಮುಖಂಡ, ಪಿ.ಶಿವರಾಮು ಹಾಜರಿರಲಿದ್ದಾರೆ. ಕಾರ್ಯಕ್ರಮಕ್ಕೆ ಹೆಚ್ಚಿನ ಸಂಖ್ಯೆಯಲ್ಲಿ ಒಕ್ಕಲಿಗ ಸಮಾಜದ ಉದ್ಯಮಿಗಳು ಭಾಗವಹಿಸಬೇಕೆಂದು ಸಂಘದ ಅಧ್ಯಕ್ಷರು ಮನವಿ ಮಾಡಿದ್ದಾರೆ.
ಎಸ್.ಆರ್.ವಿ.ಎಸ್ ಶಾಲೆಯಲ್ಲಿ ಕನ್ನಡ ರಾಜ್ಯೋತ್ಸವ
ಬಂಗಾರಪೇಟೆ: ಪಟ್ಟಣದ ಕನ್ನಡದ ಉಳಿವಿಗೆ ಬೆಳವಣಿಗೆಗಾಗಿ ಪ್ರತಿಯೊಬ್ಬ ಕನ್ನಡಿಗರು ಶ್ರಮಿಸಬೇಕು ಎಂದು ಎಸ್.ಆರ್.ವಿ.ಎಸ್ ಶಾಲೆಯ ಕಾರ್ಯದರ್ಶಿ ತಿಳಿಸಿದರು. ಶಾಲೆಯ ಆವರಣದಲ್ಲಿ ಆಯೋಜಿಸಿದ್ದ ಕನ್ನಡ ರಾಜ್ಯೋತ್ಸವ ಕಾರ್ಯಕ್ರಮದಲ್ಲಿ ಮಾತನಾಡಿ, ಕನ್ನಡ ನಾಡು ನುಡಿ ಸಂಸ್ಕೃತಿಯ ಬಗ್ಗೆ ವಿದ್ಯಾರ್ಥಿಗಳು ಅರಿತುಕೊಳ್ಳಬೇಕು. ಕನ್ನಡ ಭಾಷೆಯ ಮೇಲೆ ಅಭಿಮಾನ ಬೆಳೆಸಿಕೊಳ್ಳಬೇಕು ಎಂದರು.
ಪ್ರತಿಯೊಬ್ಬರು ಕನ್ನಡವನ್ನು ಪ್ರೀತಿಸಬೇಕು ಎಂದರು. ನಮ್ಮ ಶಾಲೆಯಲ್ಲಿ ಪ್ರತಿ ವರ್ಷ ನವೆಂಬರ್ ತಿಂಗಳು ಪೂರ್ತಿ ಕನ್ನಡ ರಾಜ್ಯೋತ್ಸವ ಕಾರ್ಯಕ್ರಮಗಳನ್ನು ಆಚರಿಸುತ್ತೇವೆ. ವಿದ್ಯಾರ್ಥಿಗಳಿಂದ ವಿವಿಧ ಸಾಂಸ್ಕೃತಿಕ ಕಾರ್ಯಕ್ರಮಗಳು ನಡೆದವು. ಸಂಸ್ಥೆಯ ಅಧ್ಯಕ್ಷರು, ಕಾರ್ಯದರ್ಶಿ, ಪ್ರಾಂಶುಪಾಲರು ಹಾಗೂ ಶಿಕ್ಷಕ ವೃಂದ ಹಾಜರಿದ್ದರು.
ಎಂದರು. ಈ ಸಂದರ್ಭದಲ್ಲಿ ಅಧ್ಯಕ್ಷ ಎನ್.ಮಹೇಶ್, ಕಾರ್ಯದರ್ಶಿ ಶಿಕ್ಷಕರು ಸೇರಿದಂತೆ ಸಿಬ್ಬಂದಿ ವರ್ಗದವರು ಉಪಸ್ಥಿತರಿದ್ದರು. ಶಾಲಾ ಮಕ್ಕಳು ಕನ್ನಡ ಧ್ವಜ ಹಿಡಿದು ಮೆರವಣಿಗೆ ನಡೆಸಿದರು. ಕನ್ನಡ ಗೀತೆಗಳಿಗೆ ನೃತ್ಯ ಪ್ರದರ್ಶಿಸಿದರು.
ಅಂಬೇಡ್ಕರ್ ಭಾವಚಿತ್ರಕ್ಕೆ ಅಪಮಾನ:
ಕಾನೂನು ಕ್ರಮಕ್ಕೆ ನಾಗರಾಜ್ ಆಗ್ರಹ
ಕೋಲಾರ: ವೇಮಗಲ್ ಸರ್ಕಾರಿ ಪ್ರೌಢಶಾಲೆಯಲ್ಲಿ ಡಾ.ಬಿ.ಆರ್.ಅಂಬೇಡ್ಕರ್ ಭಾವಚಿತ್ರಕ್ಕೆ ಅಪಮಾನ ಮಾಡಿರುವ ಘಟನೆ ಖಂಡನೀಯ. ತಪ್ಪಿತಸ್ಥರ ವಿರುದ್ಧ ಕಾನೂನು ಕ್ರಮ ಕೈಗೊಳ್ಳಬೇಕೆಂದು ದಲಿತ ಸಂಘಟನೆಯ ಜಿಲ್ಲಾ ಸಂಚಾಲಕ ನಾಗರಾಜ್ ಆಗ್ರಹಿಸಿದ್ದಾರೆ. ಈ ಬಗ್ಗೆ ಪತ್ರಿಕಾ ಹೇಳಿಕೆ ನೀಡಿರುವ ಅವರು, ಸಂವಿಧಾನ ಶಿಲ್ಪಿಯ ಭಾವಚಿತ್ರಕ್ಕೆ ಅಗೌರವ ತೋರಿರುವುದು ಸಮಾಜಕ್ಕೆ ಮಾಡಿದ ಅವಮಾನ. ಸರ್ಕಾರಿ ಶಾಲೆಯಲ್ಲಿ ಈ ರೀತಿಯ ಘಟನೆ ನಡೆದಿರುವುದು ದುರದೃಷ್ಟಕರ. ಕೂಡಲೇ ಶಿಕ್ಷಣ ಇಲಾಖೆ ಅಧಿಕಾರಿಗಳು ತನಿಖೆ ನಡೆಸಬೇಕು. ವೇಮಗಲ್ ಸರ್ಕಾರಿ ಪ್ರೌಢಶಾಲೆಯಲ್ಲಿ ಕೆಲವು ವಿದ್ಯಾರ್ಥಿಗಳು ಭಾವಚಿತ್ರವನ್ನು ಹಾನಿ ಮಾಡಿದ್ದಾರೆ ಎನ್ನಲಾಗಿದೆ.
ಸುವಿಧಾನ ಶಿಲ್ಪಿ ಅಂಬೇಡ್ಕರ್ ಭಾವಚಿತ್ರಕ್ಕೆ ನಮ್ಮ ಇದ್ದವರು ಒಬ್ಬರೂ ಗೌರವ ನೀಡಿಲ್ಲ. ಈಗ ಅವರ ಭಾವಚಿತ್ರವನ್ನು ಕಾರಿದ ನಂತರ ಸರ್ಕಾರಿ ಶಾಲೆಯಲ್ಲಿ ಮುಖ್ಯ ಶಿಕ್ಷಕರ ನಿರ್ಲಕ್ಷ್ಯ ಕಾರಣ. ಸುಮಾರು 4-5 ತಿಂಗಳ ಹಿಂದೆ ಭಾವಚಿತ್ರ ಹಾನಿಯಾಗಿದ್ದರೂ ಸರಿಪಡಿಸಿಲ್ಲ. ಪ್ರಾಂಶುಪಾಲರು ಹಾಗೂ ಶಿಕ್ಷಕರ ವಿರುದ್ಧ ಕ್ರಮ ಕೈಗೊಳ್ಳಬೇಕು ಎಂದು ಒತ್ತಾಯಿಸಿದರು. ತಪ್ಪಿತಸ್ಥರ ವಿರುದ್ಧ ಕ್ರಮ ಕೈಗೊಳ್ಳದಿದ್ದರೆ ಸಂಘಟನೆಯಿಂದ ಪ್ರತಿಭಟನೆ ನಡೆಸಲಾಗುವುದು ಎಂದು ಎಚ್ಚರಿಸಿದ್ದಾರೆ. ಈ ಬಗ್ಗೆ ಕೂಡಲೇ ಜಿಲ್ಲಾಡಳಿತ ಗಮನಹರಿಸಬೇಕು ಎಂದು ಮನವಿ ಮಾಡಿದ್ದಾರೆ. ಅಧಿಕಾರಿಗಳು ಶಾಲೆಗೆ ಭೇಟಿ ನೀಡಿ ಪರಿಶೀಲನೆ ನಡೆಸಬೇಕು. ದಲಿತ ಮುಖಂಡರು ನಾಗರಾಜ ಜೊತೆಗಿದ್ದರು.
ಚೊಕ್ಕಹಳ್ಳಿಯಲ್ಲಿ ಕರವೇಯಿಂದ
ಕನ್ನಡ ರಾಜ್ಯೋತ್ಸವ ಕಾರ್ಯಕ್ರಮ
ಚಿಂತಾಮಣಿ: ತಾಲ್ಲೂಕಿನ ಚೊಕ್ಕಹಳ್ಳಿ ಗ್ರಾಮದಲ್ಲಿ ಕರ್ನಾಟಕ ರಕ್ಷಣಾ ವೇದಿಕೆ ವತಿಯಿಂದ ಕನ್ನಡ ರಾಜ್ಯೋತ್ಸವ ಆಚರಿಸಲಾಯಿತು. ಗ್ರಾಮದ ಶಾಲಾ ಆವರಣದಲ್ಲಿ ಕನ್ನಡ ಧ್ವಜಾರೋಹಣ ನೆರವೇರಿಸಿ ಭುವನೇಶ್ವರಿ ದೇವಿಗೆ ಪೂಜೆ ಸಲ್ಲಿಸಲಾಯಿತು. ಕರವೇ ತಾಲ್ಲೂಕು ಅಧ್ಯಕ್ಷರು ಮಾತನಾಡಿ, ಕನ್ನಡ ನಾಡು ನುಡಿ ರಕ್ಷಣೆಗೆ ಎಲ್ಲರೂ ಶ್ರಮಿಸಬೇಕು. ಕನ್ನಡಕ್ಕೆ ಧಕ್ಕೆ ಬಂದಾಗ ಹೋರಾಟ ಮಾಡಲು ಸಿದ್ಧರಾಗಬೇಕು ಎಂದರು. ಶಾಲಾ ಮಕ್ಕಳಿಗೆ ನೋಟ್ ಪುಸ್ತಕ ವಿತರಿಸಲಾಯಿತು. ಗ್ರಾಮಸ್ಥರು, ಕರವೇ ಕಾರ್ಯಕರ್ತರು ಹಾಜರಿದ್ದರು.
ದ್ವಾರದಿಂದೀರಿಗೆ ಗ್ರಾಮಸ್ಥರು ಸಿಹಿ ಹಂಚಿದರು. ಕಾರ್ಯಕ್ರಮದಲ್ಲಿ ಕರವೇ ನಗರ ಅಧ್ಯಕ್ಷರಾದ ಶ್ಯಾಮ್ ಅಪ್ಪನ್, ಪ್ರಧಾನ ಕಾರ್ಯದರ್ಶಿ ಟಿ.ಎಂ.ಮಂಜುನಾಥ್, ಗ್ರಾಮ ಪಂಚಾಯಿತಿ ಸದಸ್ಯರು, ಮುಖಂಡರು ಉಪಸ್ಥಿತರಿದ್ದರು. ಕರ್ನಾಟಕ ರಕ್ಷಣಾ ವೇದಿಕೆಯ ಕಾರ್ಯಕರ್ತರು ಗ್ರಾಮದಲ್ಲಿ ಮೆರವಣಿಗೆ ನಡೆಸಿದರು. ಕನ್ನಡ ಪರ ಘೋಷಣೆ ಕೂಗಿದರು. ಮಕ್ಕಳಿಗೆ ಸಿಹಿ ವಿತರಿಸಲಾಯಿತು.
